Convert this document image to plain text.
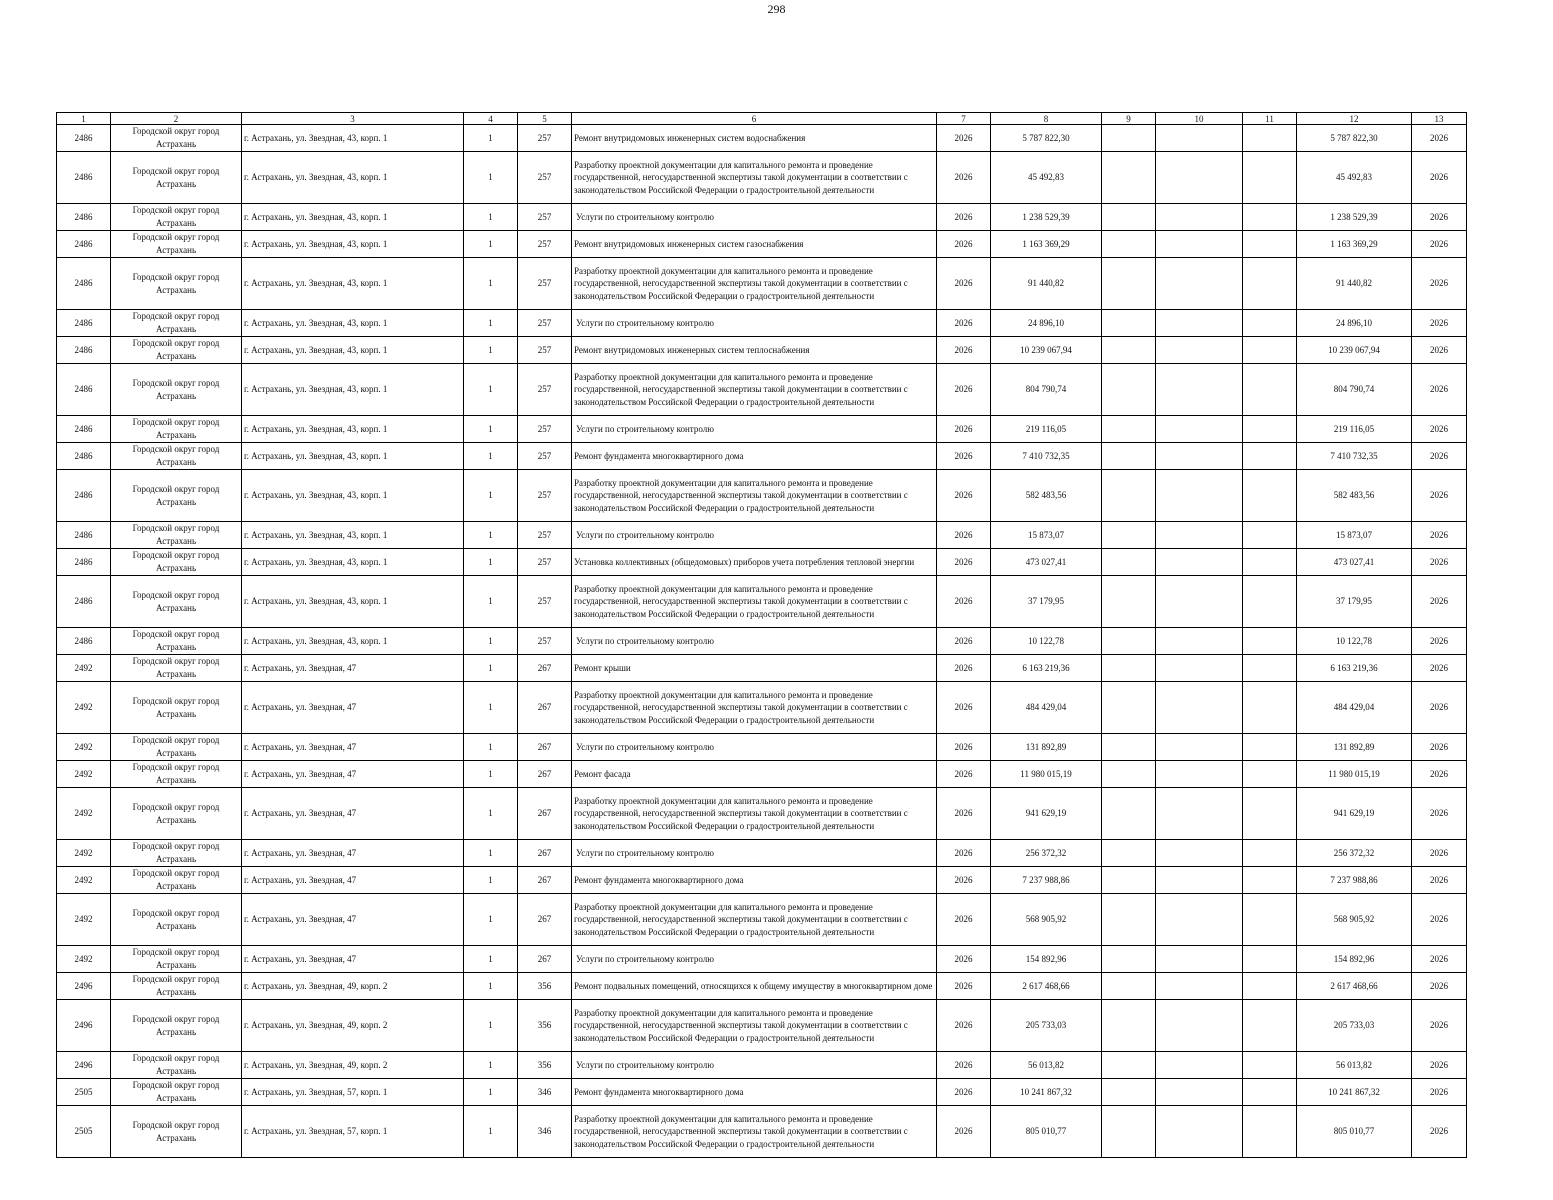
298
1	2	3	4	5	6	7	8	9	10	11	12	13
2486	Городской округ город Астрахань	г. Астрахань, ул. Звездная, 43, корп. 1	1	257	Ремонт внутридомовых инженерных систем водоснабжения	2026	5 787 822,30				5 787 822,30	2026
2486	Городской округ город Астрахань	г. Астрахань, ул. Звездная, 43, корп. 1	1	257	Разработку проектной документации для капитального ремонта и проведение государственной, негосударственной экспертизы такой документации в соответствии с законодательством Российской Федерации о градостроительной деятельности	2026	45 492,83				45 492,83	2026
2486	Городской округ город Астрахань	г. Астрахань, ул. Звездная, 43, корп. 1	1	257	Услуги по строительному контролю	2026	1 238 529,39				1 238 529,39	2026
2486	Городской округ город Астрахань	г. Астрахань, ул. Звездная, 43, корп. 1	1	257	Ремонт внутридомовых инженерных систем газоснабжения	2026	1 163 369,29				1 163 369,29	2026
2486	Городской округ город Астрахань	г. Астрахань, ул. Звездная, 43, корп. 1	1	257	Разработку проектной документации для капитального ремонта и проведение государственной, негосударственной экспертизы такой документации в соответствии с законодательством Российской Федерации о градостроительной деятельности	2026	91 440,82				91 440,82	2026
2486	Городской округ город Астрахань	г. Астрахань, ул. Звездная, 43, корп. 1	1	257	Услуги по строительному контролю	2026	24 896,10				24 896,10	2026
2486	Городской округ город Астрахань	г. Астрахань, ул. Звездная, 43, корп. 1	1	257	Ремонт внутридомовых инженерных систем теплоснабжения	2026	10 239 067,94				10 239 067,94	2026
2486	Городской округ город Астрахань	г. Астрахань, ул. Звездная, 43, корп. 1	1	257	Разработку проектной документации для капитального ремонта и проведение государственной, негосударственной экспертизы такой документации в соответствии с законодательством Российской Федерации о градостроительной деятельности	2026	804 790,74				804 790,74	2026
2486	Городской округ город Астрахань	г. Астрахань, ул. Звездная, 43, корп. 1	1	257	Услуги по строительному контролю	2026	219 116,05				219 116,05	2026
2486	Городской округ город Астрахань	г. Астрахань, ул. Звездная, 43, корп. 1	1	257	Ремонт фундамента многоквартирного дома	2026	7 410 732,35				7 410 732,35	2026
2486	Городской округ город Астрахань	г. Астрахань, ул. Звездная, 43, корп. 1	1	257	Разработку проектной документации для капитального ремонта и проведение государственной, негосударственной экспертизы такой документации в соответствии с законодательством Российской Федерации о градостроительной деятельности	2026	582 483,56				582 483,56	2026
2486	Городской округ город Астрахань	г. Астрахань, ул. Звездная, 43, корп. 1	1	257	Услуги по строительному контролю	2026	15 873,07				15 873,07	2026
2486	Городской округ город Астрахань	г. Астрахань, ул. Звездная, 43, корп. 1	1	257	Установка коллективных (общедомовых) приборов учета потребления тепловой энергии	2026	473 027,41				473 027,41	2026
2486	Городской округ город Астрахань	г. Астрахань, ул. Звездная, 43, корп. 1	1	257	Разработку проектной документации для капитального ремонта и проведение государственной, негосударственной экспертизы такой документации в соответствии с законодательством Российской Федерации о градостроительной деятельности	2026	37 179,95				37 179,95	2026
2486	Городской округ город Астрахань	г. Астрахань, ул. Звездная, 43, корп. 1	1	257	Услуги по строительному контролю	2026	10 122,78				10 122,78	2026
2492	Городской округ город Астрахань	г. Астрахань, ул. Звездная, 47	1	267	Ремонт крыши	2026	6 163 219,36				6 163 219,36	2026
2492	Городской округ город Астрахань	г. Астрахань, ул. Звездная, 47	1	267	Разработку проектной документации для капитального ремонта и проведение государственной, негосударственной экспертизы такой документации в соответствии с законодательством Российской Федерации о градостроительной деятельности	2026	484 429,04				484 429,04	2026
2492	Городской округ город Астрахань	г. Астрахань, ул. Звездная, 47	1	267	Услуги по строительному контролю	2026	131 892,89				131 892,89	2026
2492	Городской округ город Астрахань	г. Астрахань, ул. Звездная, 47	1	267	Ремонт фасада	2026	11 980 015,19				11 980 015,19	2026
2492	Городской округ город Астрахань	г. Астрахань, ул. Звездная, 47	1	267	Разработку проектной документации для капитального ремонта и проведение государственной, негосударственной экспертизы такой документации в соответствии с законодательством Российской Федерации о градостроительной деятельности	2026	941 629,19				941 629,19	2026
2492	Городской округ город Астрахань	г. Астрахань, ул. Звездная, 47	1	267	Услуги по строительному контролю	2026	256 372,32				256 372,32	2026
2492	Городской округ город Астрахань	г. Астрахань, ул. Звездная, 47	1	267	Ремонт фундамента многоквартирного дома	2026	7 237 988,86				7 237 988,86	2026
2492	Городской округ город Астрахань	г. Астрахань, ул. Звездная, 47	1	267	Разработку проектной документации для капитального ремонта и проведение государственной, негосударственной экспертизы такой документации в соответствии с законодательством Российской Федерации о градостроительной деятельности	2026	568 905,92				568 905,92	2026
2492	Городской округ город Астрахань	г. Астрахань, ул. Звездная, 47	1	267	Услуги по строительному контролю	2026	154 892,96				154 892,96	2026
2496	Городской округ город Астрахань	г. Астрахань, ул. Звездная, 49, корп. 2	1	356	Ремонт подвальных помещений, относящихся к общему имуществу в многоквартирном доме	2026	2 617 468,66				2 617 468,66	2026
2496	Городской округ город Астрахань	г. Астрахань, ул. Звездная, 49, корп. 2	1	356	Разработку проектной документации для капитального ремонта и проведение государственной, негосударственной экспертизы такой документации в соответствии с законодательством Российской Федерации о градостроительной деятельности	2026	205 733,03				205 733,03	2026
2496	Городской округ город Астрахань	г. Астрахань, ул. Звездная, 49, корп. 2	1	356	Услуги по строительному контролю	2026	56 013,82				56 013,82	2026
2505	Городской округ город Астрахань	г. Астрахань, ул. Звездная, 57, корп. 1	1	346	Ремонт фундамента многоквартирного дома	2026	10 241 867,32				10 241 867,32	2026
2505	Городской округ город Астрахань	г. Астрахань, ул. Звездная, 57, корп. 1	1	346	Разработку проектной документации для капитального ремонта и проведение государственной, негосударственной экспертизы такой документации в соответствии с законодательством Российской Федерации о градостроительной деятельности	2026	805 010,77				805 010,77	2026
